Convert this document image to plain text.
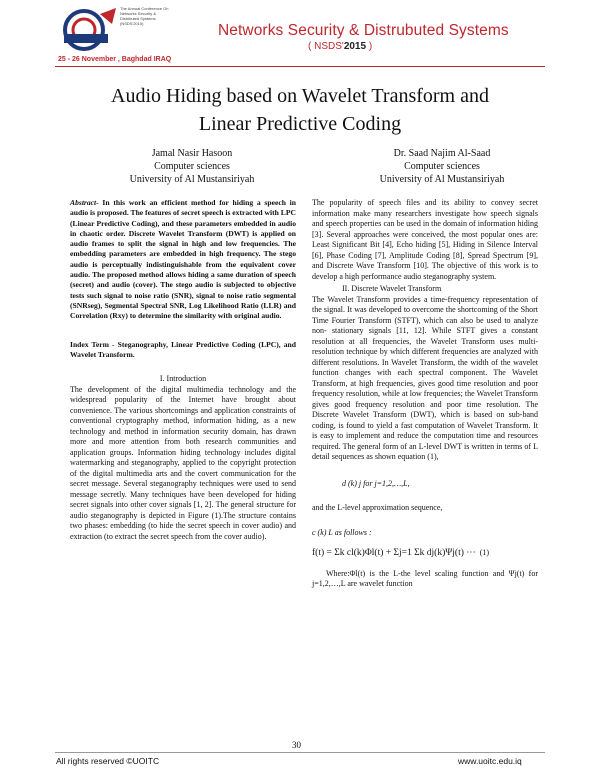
The Annual Conference On Networks Security & Distributed Systems (NSDS'2015)
25 - 26 November , Baghdad IRAQ
Networks Security & Distrubuted Systems
( NSDS'2015 )
Audio Hiding based on Wavelet Transform and
Linear Predictive Coding
Jamal Nasir Hasoon
Computer sciences
University of Al Mustansiriyah
Dr. Saad Najim Al-Saad
Computer sciences
University of Al Mustansiriyah

Abstract- In this work an efficient method for hiding a speech in audio is proposed. The features of secret speech is extracted with LPC (Linear Predictive Coding), and these parameters embedded in audio in chaotic order. Discrete Wavelet Transform (DWT) is applied on audio frames to split the signal in high and low frequencies. The embedding parameters are embedded in high frequency. The stego audio is perceptually indistinguishable from the equivalent cover audio. The proposed method allows hiding a same duration of speech (secret) and audio (cover). The stego audio is subjected to objective tests such signal to noise ratio (SNR), signal to noise ratio segmental (SNRseg), Segmental Spectral SNR, Log Likelihood Ratio (LLR) and Correlation (Rxy) to determine the similarity with original audio.

Index Term - Steganography, Linear Predictive Coding (LPC), and Wavelet Transform.

I. Introduction

The development of the digital multimedia technology and the widespread popularity of the Internet have brought about convenience. The various shortcomings and application constraints of conventional cryptography method, information hiding, as a new technology and method in information security domain, has drawn more and more attention from both research communities and application groups. Information hiding technology includes digital watermarking and steganography, applied to the copyright protection of the digital multimedia arts and the covert communication for the secret message. Several steganography techniques were used to send message secretly. Many techniques have been developed for hiding secret signals into other cover signals [1, 2]. The general structure for audio steganography is depicted in Figure (1).The structure contains two phases: embedding (to hide the secret speech in cover audio) and extraction (to extract the secret speech from the cover audio).

The popularity of speech files and its ability to convey secret information make many researchers investigate how speech signals and speech properties can be used in the domain of information hiding [3]. Several approaches were conceived, the most popular ones are: Least Significant Bit [4], Echo hiding [5], Hiding in Silence Interval [6], Phase Coding [7], Amplitude Coding [8], Spread Spectrum [9], and Discrete Wave Transform [10]. The objective of this work is to develop a high performance audio steganography system.

II. Discrete Wavelet Transform

The Wavelet Transform provides a time-frequency representation of the signal. It was developed to overcome the shortcoming of the Short Time Fourier Transform (STFT), which can also be used to analyze non- stationary signals [11, 12]. While STFT gives a constant resolution at all frequencies, the Wavelet Transform uses multi-resolution technique by which different frequencies are analyzed with different resolutions. In Wavelet Transform, the width of the wavelet function changes with each spectral component. The Wavelet Transform, at high frequencies, gives good time resolution and poor frequency resolution, while at low frequencies; the Wavelet Transform gives good frequency resolution and poor time resolution. The Discrete Wavelet Transform (DWT), which is based on sub-band coding, is found to yield a fast computation of Wavelet Transform. It is easy to implement and reduce the computation time and resources required. The general form of an L-level DWT is written in terms of L detail sequences as shown equation (1),

d (k) j for j=1,2,…,L,

and the L-level approximation sequence,

c (k) L as follows :

f(t) = Σk cl(k)Φl(t) + Σj=1 Σk dj(k)Ψj(t) ⋯ (1)

Where:Φl(t) is the L-the level scaling function and Ψj(t) for j=1,2,…,L are wavelet function

30
All rights reserved ©UOITC	www.uoitc.edu.iq
